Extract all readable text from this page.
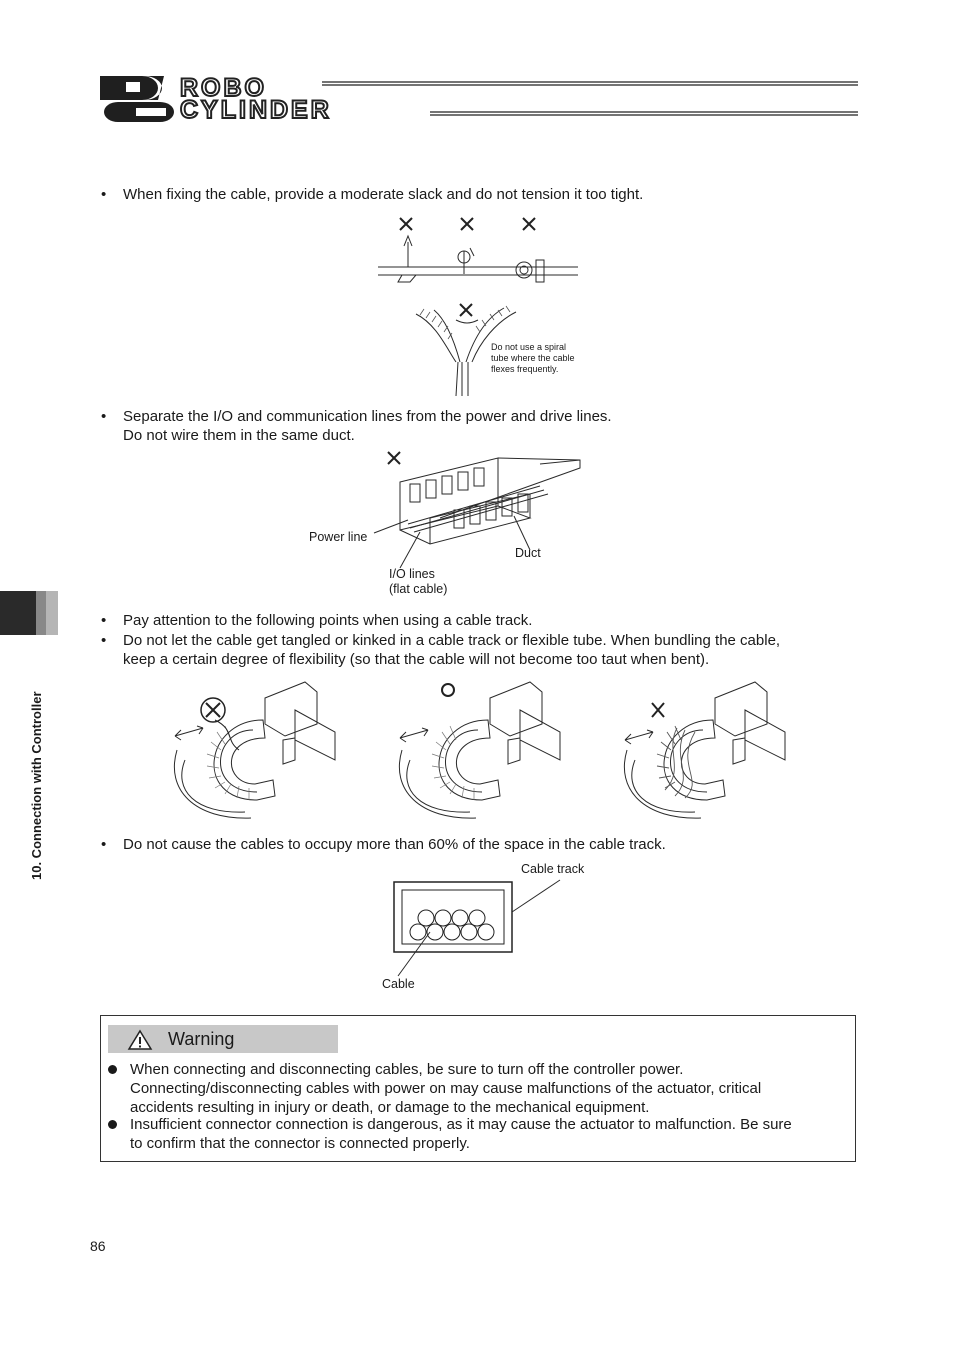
ROBO
CYLINDER
10. Connection with Controller
• When fixing the cable, provide a moderate slack and do not tension it too tight.
Do not use a spiral
tube where the cable
flexes frequently.
• Separate the I/O and communication lines from the power and drive lines.
Do not wire them in the same duct.
Power line
Duct
I/O lines
(flat cable)
• Pay attention to the following points when using a cable track.
• Do not let the cable get tangled or kinked in a cable track or flexible tube. When bundling the cable,
keep a certain degree of flexibility (so that the cable will not become too taut when bent).
• Do not cause the cables to occupy more than 60% of the space in the cable track.
Cable track
Cable
Warning
When connecting and disconnecting cables, be sure to turn off the controller power.
Connecting/disconnecting cables with power on may cause malfunctions of the actuator, critical
accidents resulting in injury or death, or damage to the mechanical equipment.
Insufficient connector connection is dangerous, as it may cause the actuator to malfunction. Be sure
to confirm that the connector is connected properly.
86
